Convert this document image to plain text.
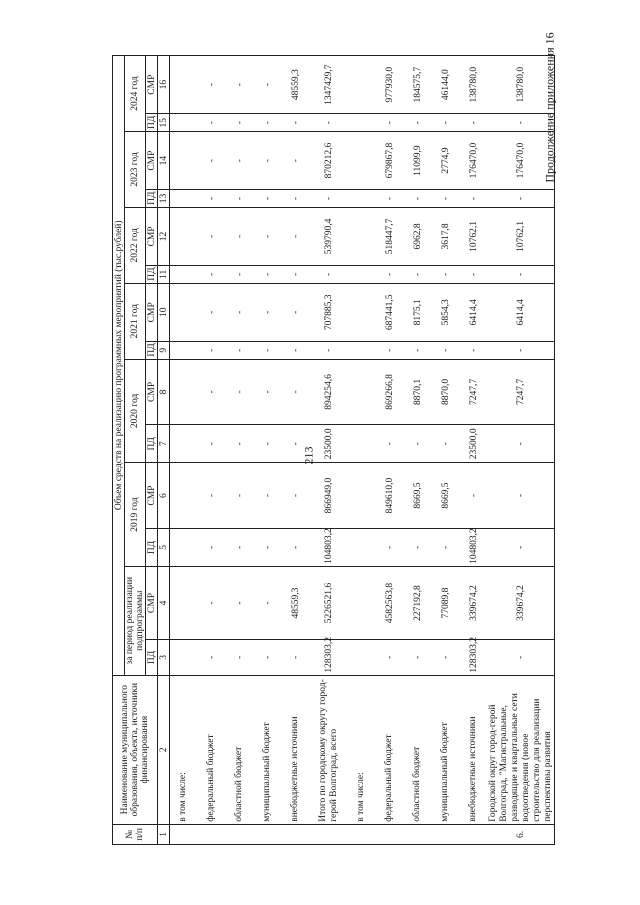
213
Продолжение приложения 16
№ п/п	Наименование муниципального образования, объекта, источники финансирования	Объем средств на реализацию программных мероприятий (тыс.рублей)													
		за период реализации подпрограммы		2019 год		2020 год		2021 год		2022 год		2023 год		2024 год	
		ПД	СМР	ПД	СМР	ПД	СМР	ПД	СМР	ПД	СМР	ПД	СМР	ПД	СМР
1	2	3	4	5	6	7	8	9	10	11	12	13	14	15	16
	в том числе:														
	федеральный бюджет	-	-	-	-	-	-	-	-	-	-	-	-	-	-
	областной бюджет	-	-	-	-	-	-	-	-	-	-	-	-	-	-
	муниципальный бюджет	-	-	-	-	-	-	-	-	-	-	-	-	-	-
	внебюджетные источники	-	48559,3	-	-	-	-	-	-	-	-	-	-	-	48559,3
	Итого по городскому округу город-герой Волгоград, всего	128303,2	5226521,6	104803,2	866949,0	23500,0	894254,6	-	707885,3	-	539790,4	-	870212,6	-	1347429,7
	в том числе:														
	федеральный бюджет	-	4582563,8	-	849610,0	-	869266,8	-	687441,5	-	518447,7	-	679867,8	-	977930,0
	областной бюджет	-	227192,8	-	8669,5	-	8870,1	-	8175,1	-	6962,8	-	11099,9	-	184575,7
	муниципальный бюджет	-	77089,8	-	8669,5	-	8870,0	-	5854,3	-	3617,8	-	2774,9	-	46144,0
	внебюджетные источники	128303,2	339674,2	104803,2	-	23500,0	7247,7	-	6414,4	-	10762,1	-	176470,0	-	138780,0
6.	Городской округ город-герой Волгоград, "Магистральные, разводящие и квартальные сети водоотведения (новое строительство для реализации перспективы развития	-	339674,2	-	-	-	7247,7	-	6414,4	-	10762,1	-	176470,0	-	138780,0
